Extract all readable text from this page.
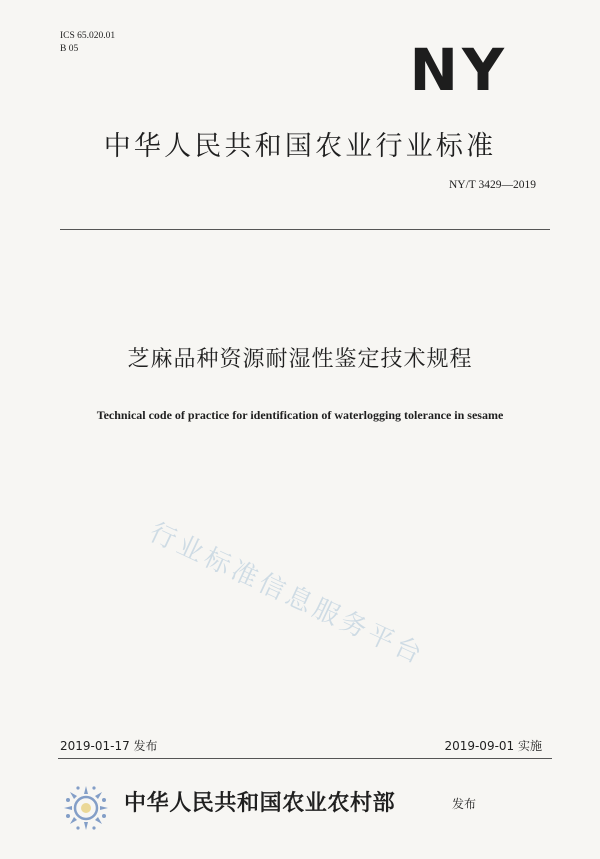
ICS 65.020.01
B 05	NY
中华人民共和国农业行业标准
NY/T 3429—2019
芝麻品种资源耐湿性鉴定技术规程
Technical code of practice for identification of waterlogging tolerance in sesame
行业标准信息服务平台
2019-01-17 发布	2019-09-01 实施
中华人民共和国农业农村部	发布
